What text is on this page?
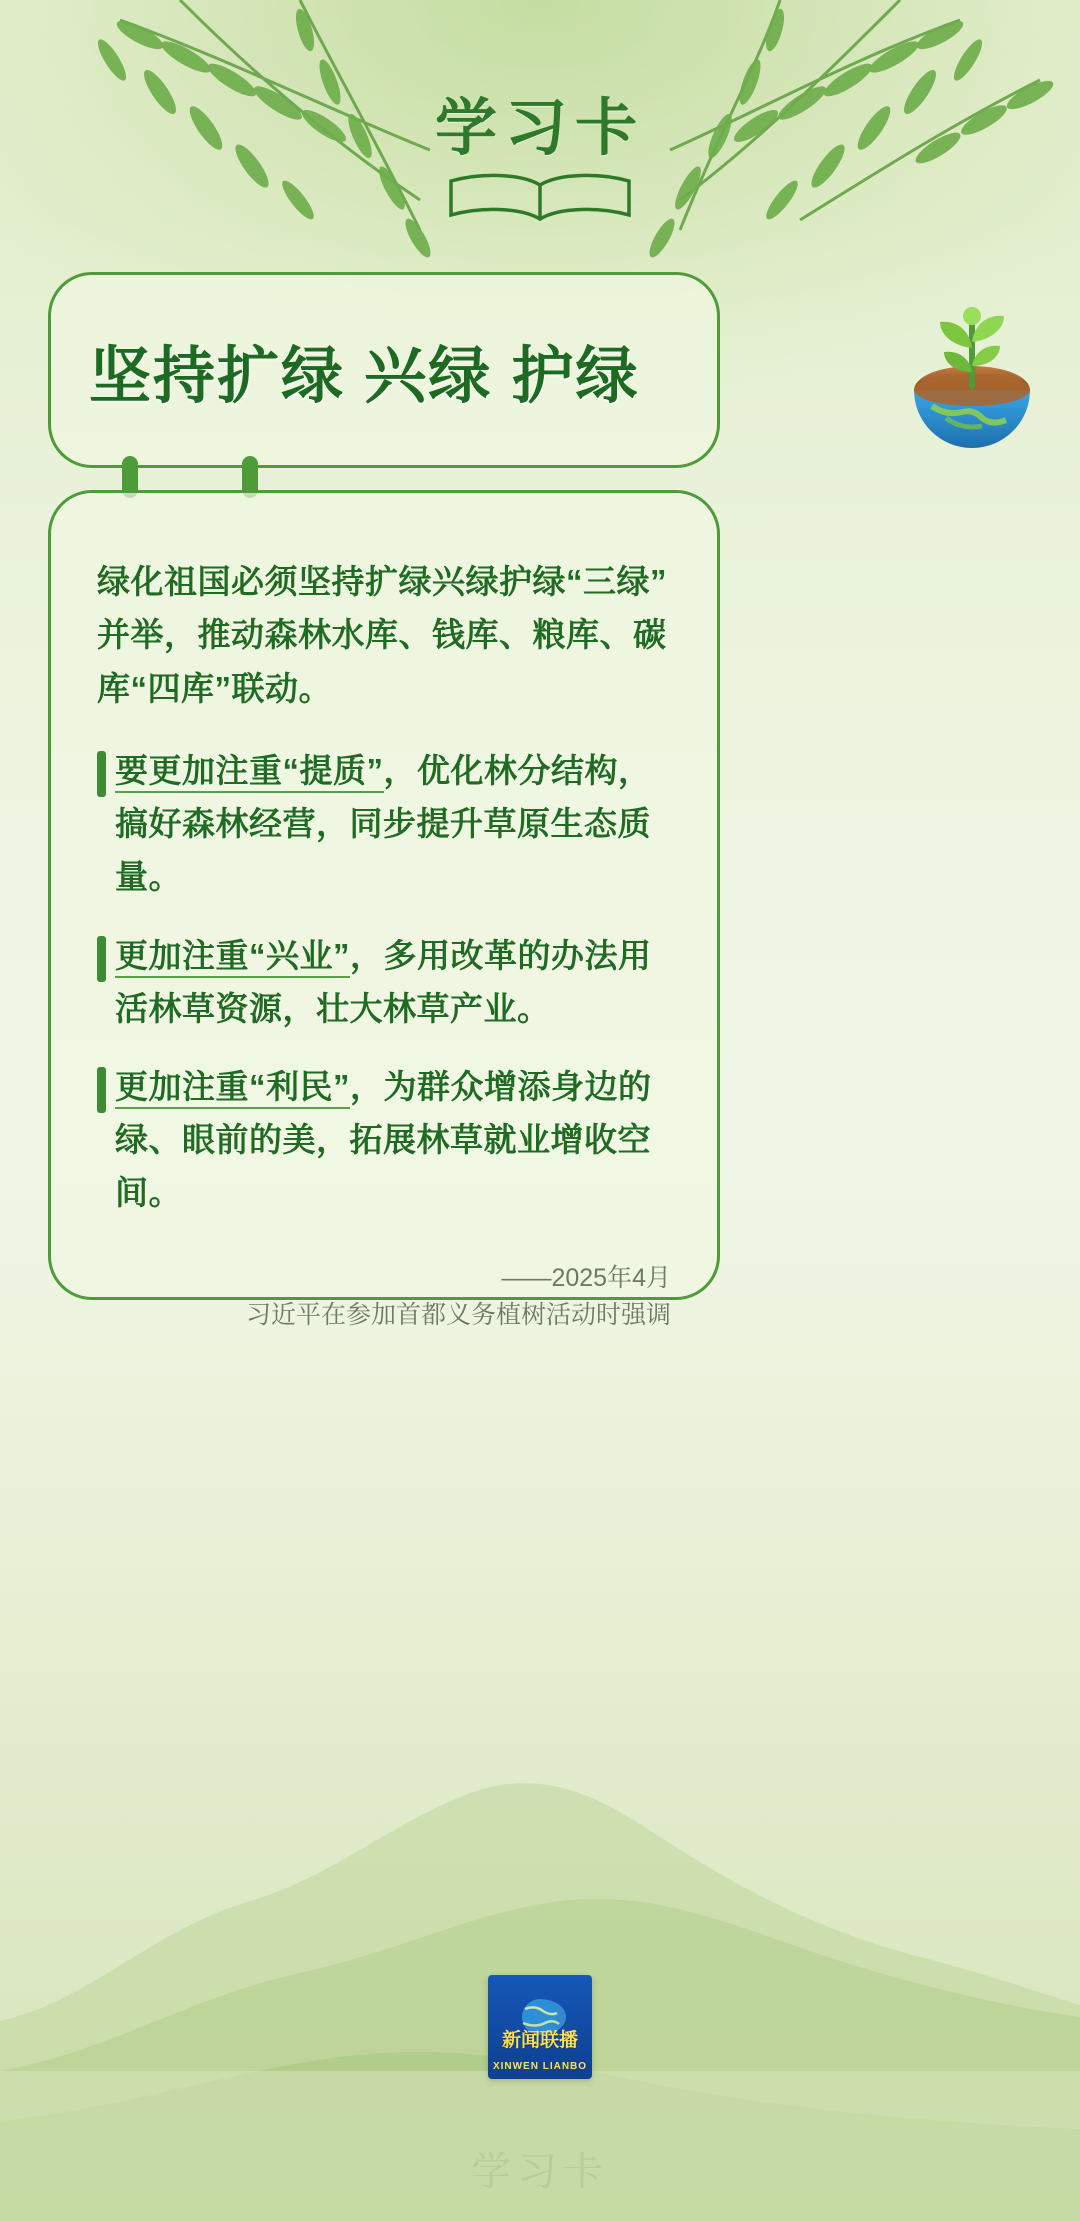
学习卡
坚持扩绿 兴绿 护绿

绿化祖国必须坚持扩绿兴绿护绿“三绿”并举，推动森林水库、钱库、粮库、碳库“四库”联动。

要更加注重“提质”，优化林分结构，搞好森林经营，同步提升草原生态质量。
更加注重“兴业”，多用改革的办法用活林草资源，壮大林草产业。
更加注重“利民”，为群众增添身边的绿、眼前的美，拓展林草就业增收空间。
——2025年4月
习近平在参加首都义务植树活动时强调
新闻联播
XINWEN LIANBO
学习卡
